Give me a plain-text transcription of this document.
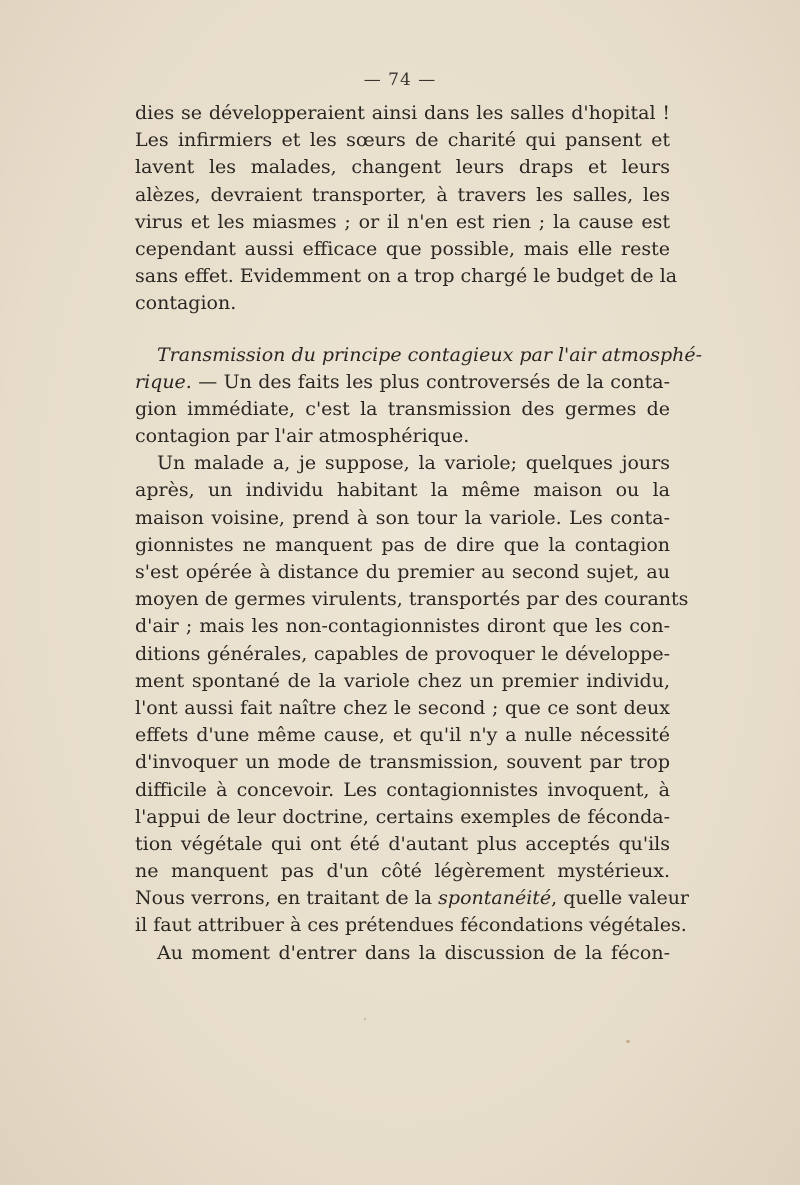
— 74 —
dies se développeraient ainsi dans les salles d'hopital !
Les infirmiers et les sœurs de charité qui pansent et
lavent les malades, changent leurs draps et leurs
alèzes, devraient transporter, à travers les salles, les
virus et les miasmes ; or il n'en est rien ; la cause est
cependant aussi efficace que possible, mais elle reste
sans effet. Evidemment on a trop chargé le budget de la
contagion.
Transmission du principe contagieux par l'air atmosphé-
rique. — Un des faits les plus controversés de la conta-
gion immédiate, c'est la transmission des germes de
contagion par l'air atmosphérique.
Un malade a, je suppose, la variole; quelques jours
après, un individu habitant la même maison ou la
maison voisine, prend à son tour la variole. Les conta-
gionnistes ne manquent pas de dire que la contagion
s'est opérée à distance du premier au second sujet, au
moyen de germes virulents, transportés par des courants
d'air ; mais les non-contagionnistes diront que les con-
ditions générales, capables de provoquer le développe-
ment spontané de la variole chez un premier individu,
l'ont aussi fait naître chez le second ; que ce sont deux
effets d'une même cause, et qu'il n'y a nulle nécessité
d'invoquer un mode de transmission, souvent par trop
difficile à concevoir. Les contagionnistes invoquent, à
l'appui de leur doctrine, certains exemples de féconda-
tion végétale qui ont été d'autant plus acceptés qu'ils
ne manquent pas d'un côté légèrement mystérieux.
Nous verrons, en traitant de la spontanéité, quelle valeur
il faut attribuer à ces prétendues fécondations végétales.
Au moment d'entrer dans la discussion de la fécon-
